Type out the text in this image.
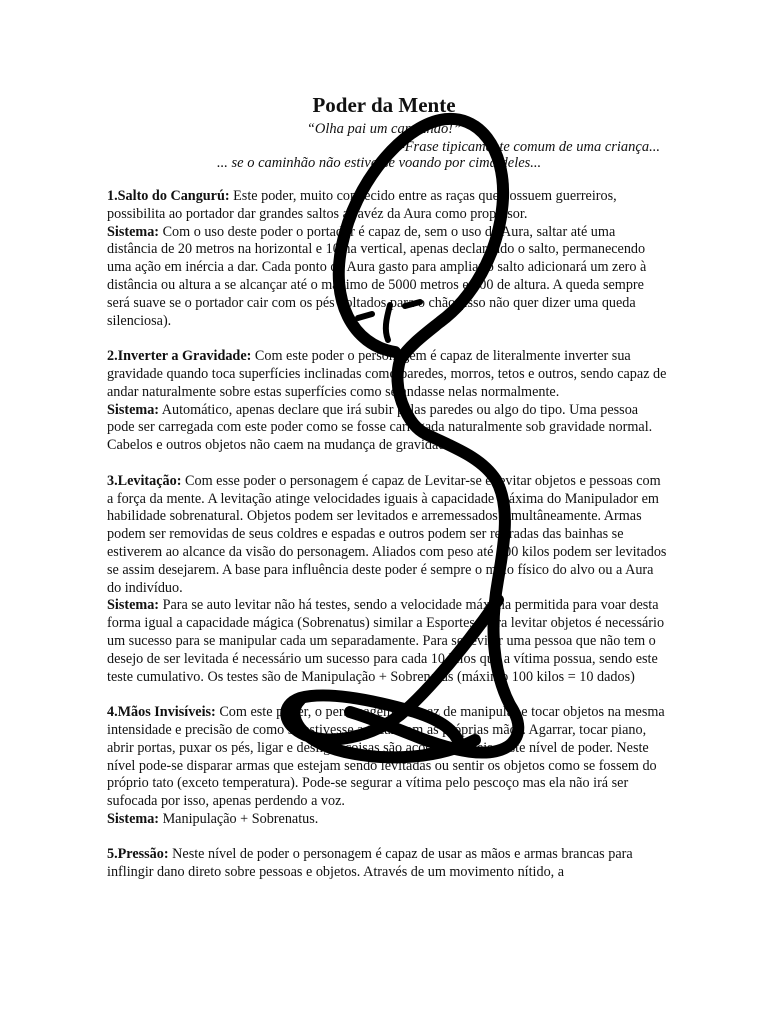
Poder da Mente
“Olha pai um caminhão!”
-Frase tipicamente comum de uma criança...
... se o caminhão não estivesse voando por cima deles...

1.Salto do Cangurú: Este poder, muito conhecido entre as raças que possuem guerreiros, possibilita ao portador dar grandes saltos atravéz da Aura como propulsor.

Sistema: Com o uso deste poder o portador é capaz de, sem o uso de Aura, saltar até uma distância de 20 metros na horizontal e 10 na vertical, apenas declarando o salto, permanecendo uma ação em inércia a dar. Cada ponto de Aura gasto para ampliar o salto adicionará um zero à distância ou altura a se alcançar até o máximo de 5000 metros e 500 de altura. A queda sempre será suave se o portador cair com os pés voltados para o chão (isso não quer dizer uma queda silenciosa).

2.Inverter a Gravidade: Com este poder o personagem é capaz de literalmente inverter sua gravidade quando toca superfícies inclinadas como paredes, morros, tetos e outros, sendo capaz de andar naturalmente sobre estas superfícies como se andasse nelas normalmente.

Sistema: Automático, apenas declare que irá subir pelas paredes ou algo do tipo. Uma pessoa pode ser carregada com este poder como se fosse carregada naturalmente sob gravidade normal. Cabelos e outros objetos não caem na mudança de gravidade.

3.Levitação: Com esse poder o personagem é capaz de Levitar-se e levitar objetos e pessoas com a força da mente. A levitação atinge velocidades iguais à capacidade máxima do Manipulador em habilidade sobrenatural. Objetos podem ser levitados e arremessados simultâneamente. Armas podem ser removidas de seus coldres e espadas e outros podem ser retiradas das bainhas se estiverem ao alcance da visão do personagem. Aliados com peso até 100 kilos podem ser levitados se assim desejarem. A base para influência deste poder é sempre o meio físico do alvo ou a Aura do indivíduo.

Sistema: Para se auto levitar não há testes, sendo a velocidade máxima permitida para voar desta forma igual a capacidade mágica (Sobrenatus) similar a Esportes. Para levitar objetos é necessário um sucesso para se manipular cada um separadamente. Para se levitar uma pessoa que não tem o desejo de ser levitada é necessário um sucesso para cada 10 kilos que a vítima possua, sendo este teste cumulativo. Os testes são de Manipulação + Sobrenatus (máximo 100 kilos = 10 dados)

4.Mãos Invisíveis: Com este poder, o personagem é capaz de manipular e tocar objetos na mesma intensidade e precisão de como se estivesse a tocar com as próprias mãos. Agarrar, tocar piano, abrir portas, puxar os pés, ligar e desligar coisas são ações possíveis neste nível de poder. Neste nível pode-se disparar armas que estejam sendo levitadas ou sentir os objetos como se fossem do próprio tato (exceto temperatura). Pode-se segurar a vítima pelo pescoço mas ela não irá ser sufocada por isso, apenas perdendo a voz.

Sistema: Manipulação + Sobrenatus.

5.Pressão: Neste nível de poder o personagem é capaz de usar as mãos e armas brancas para inflingir dano direto sobre pessoas e objetos. Através de um movimento nítido, a
